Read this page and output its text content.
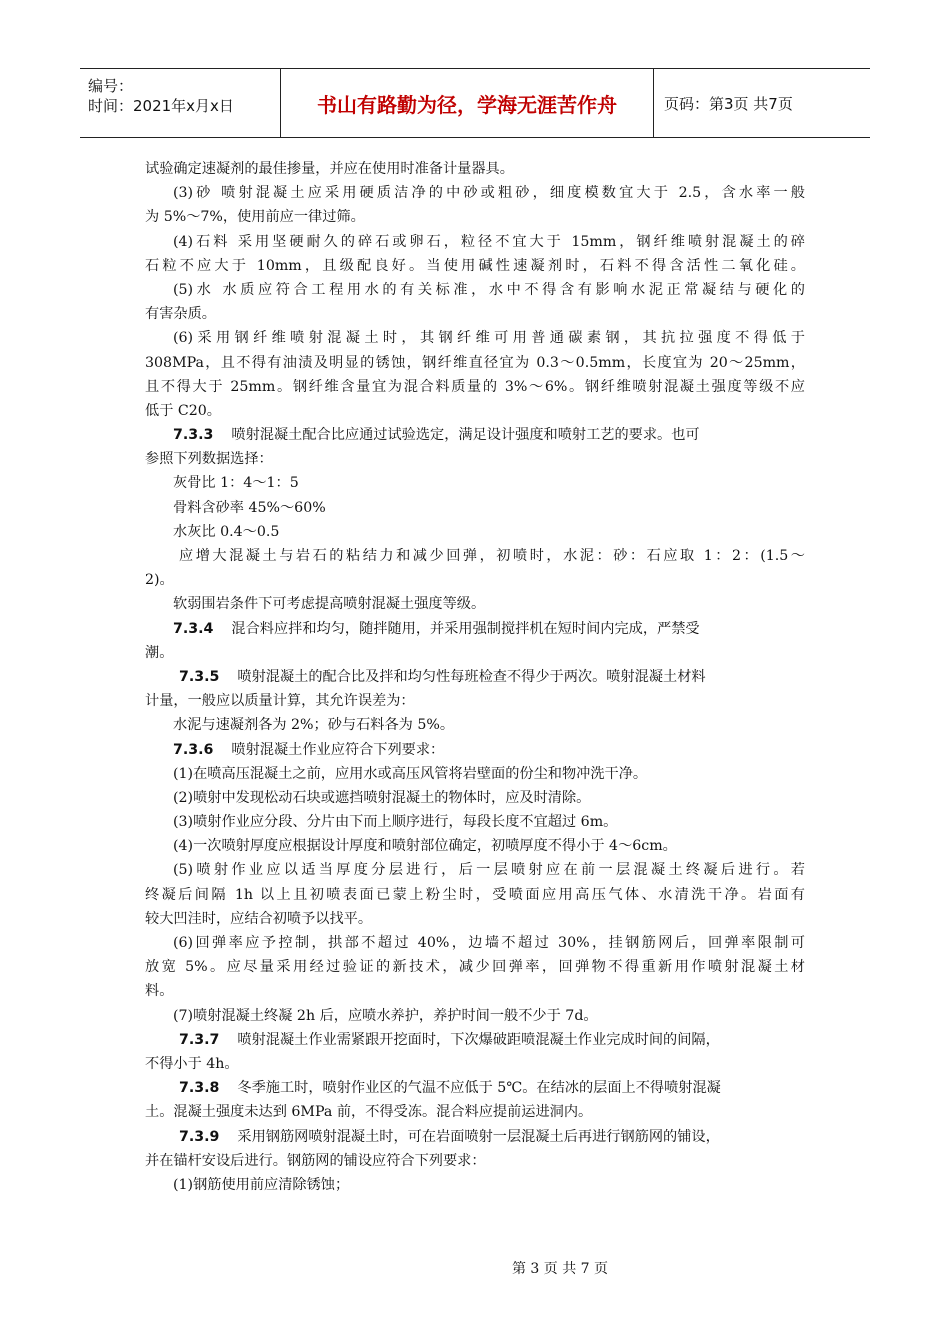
编号：
时间：2021年x月x日	书山有路勤为径，学海无涯苦作舟	页码：第3页 共7页
试验确定速凝剂的最佳掺量，并应在使用时准备计量器具。
(3)砂 喷射混凝土应采用硬质洁净的中砂或粗砂，细度模数宜大于 2.5，含水率一般
为 5%～7%，使用前应一律过筛。
(4)石料 采用坚硬耐久的碎石或卵石，粒径不宜大于 15mm，钢纤维喷射混凝土的碎
石粒不应大于 10mm，且级配良好。当使用碱性速凝剂时，石料不得含活性二氧化硅。
(5)水 水质应符合工程用水的有关标准，水中不得含有影响水泥正常凝结与硬化的
有害杂质。
(6)采用钢纤维喷射混凝土时，其钢纤维可用普通碳素钢，其抗拉强度不得低于
308MPa，且不得有油渍及明显的锈蚀，钢纤维直径宜为 0.3～0.5mm，长度宜为 20～25mm，
且不得大于 25mm。钢纤维含量宜为混合料质量的 3%～6%。钢纤维喷射混凝土强度等级不应
低于 C20。
7.3.3 喷射混凝土配合比应通过试验选定，满足设计强度和喷射工艺的要求。也可
参照下列数据选择：
灰骨比 1：4～1：5
骨料含砂率 45%～60%
水灰比 0.4～0.5
应增大混凝土与岩石的粘结力和减少回弹，初喷时，水泥：砂：石应取 1：2：(1.5～
2)。
软弱围岩条件下可考虑提高喷射混凝土强度等级。
7.3.4 混合料应拌和均匀，随拌随用，并采用强制搅拌机在短时间内完成，严禁受
潮。
7.3.5 喷射混凝土的配合比及拌和均匀性每班检查不得少于两次。喷射混凝土材料
计量，一般应以质量计算，其允许误差为：
水泥与速凝剂各为 2%；砂与石料各为 5%。
7.3.6 喷射混凝土作业应符合下列要求：
(1)在喷高压混凝土之前，应用水或高压风管将岩壁面的份尘和物冲洗干净。
(2)喷射中发现松动石块或遮挡喷射混凝土的物体时，应及时清除。
(3)喷射作业应分段、分片由下而上顺序进行，每段长度不宜超过 6m。
(4)一次喷射厚度应根据设计厚度和喷射部位确定，初喷厚度不得小于 4～6cm。
(5)喷射作业应以适当厚度分层进行，后一层喷射应在前一层混凝土终凝后进行。若
终凝后间隔 1h 以上且初喷表面已蒙上粉尘时，受喷面应用高压气体、水清洗干净。岩面有
较大凹洼时，应结合初喷予以找平。
(6)回弹率应予控制，拱部不超过 40%，边墙不超过 30%，挂钢筋网后，回弹率限制可
放宽 5%。应尽量采用经过验证的新技术，减少回弹率，回弹物不得重新用作喷射混凝土材
料。
(7)喷射混凝土终凝 2h 后，应喷水养护，养护时间一般不少于 7d。
7.3.7 喷射混凝土作业需紧跟开挖面时，下次爆破距喷混凝土作业完成时间的间隔，
不得小于 4h。
7.3.8 冬季施工时，喷射作业区的气温不应低于 5℃。在结冰的层面上不得喷射混凝
土。混凝土强度未达到 6MPa 前，不得受冻。混合料应提前运进洞内。
7.3.9 采用钢筋网喷射混凝土时，可在岩面喷射一层混凝土后再进行钢筋网的铺设，
并在锚杆安设后进行。钢筋网的铺设应符合下列要求：
(1)钢筋使用前应清除锈蚀；
第 3 页 共 7 页
